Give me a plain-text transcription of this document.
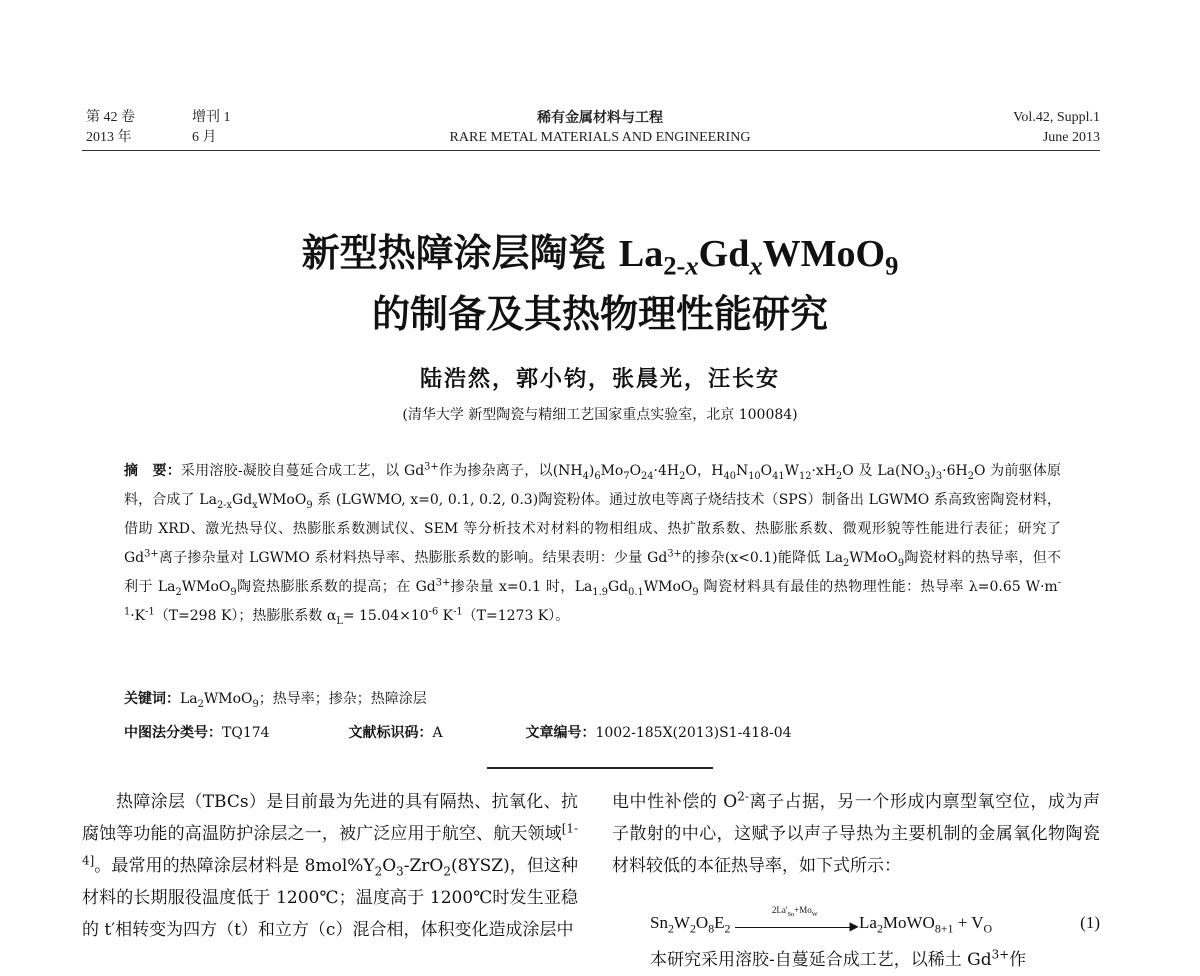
第 42 卷	增刊 1
2013 年	6 月
稀有金属材料与工程
RARE METAL MATERIALS AND ENGINEERING
Vol.42, Suppl.1
June 2013
新型热障涂层陶瓷 $La_{2-x}Gd_xWMoO_9$
的制备及其热物理性能研究
陆浩然，郭小钧，张晨光，汪长安
(清华大学 新型陶瓷与精细工艺国家重点实验室，北京 100084)
摘　要：采用溶胶-凝胶自蔓延合成工艺，以 $Gd^{3+}$作为掺杂离子，以$(NH_4)_6Mo_7O_{24}\cdot 4H_2O$，$H_{40}N_{10}O_{41}W_{12}\cdot xH_2O$ 及 $La(NO_3)_3\cdot 6H_2O$ 为前驱体原料，合成了 $La_{2-x}Gd_xWMoO_9$ 系 (LGWMO, x=0, 0.1, 0.2, 0.3)陶瓷粉体。通过放电等离子烧结技术（SPS）制备出 LGWMO 系高致密陶瓷材料，借助 XRD、激光热导仪、热膨胀系数测试仪、SEM 等分析技术对材料的物相组成、热扩散系数、热膨胀系数、微观形貌等性能进行表征；研究了 $Gd^{3+}$离子掺杂量对 LGWMO 系材料热导率、热膨胀系数的影响。结果表明：少量 $Gd^{3+}$的掺杂(x<0.1)能降低 $La_2WMoO_9$陶瓷材料的热导率，但不利于 $La_2WMoO_9$陶瓷热膨胀系数的提高；在 $Gd^{3+}$掺杂量 x=0.1 时，$La_{1.9}Gd_{0.1}WMoO_9$ 陶瓷材料具有最佳的热物理性能：热导率 λ=0.65 $W\cdot m^{-1}\cdot K^{-1}(T=298$ K）；热膨胀系数 $\alpha_L= 15.04\times 10^{-6}$ $K^{-1}(T=1273$ K）。
关键词：$La_2WMoO_9$；热导率；掺杂；热障涂层
中图法分类号：TQ174	文献标识码：A	文章编号：1002-185X(2013)S1-418-04
热障涂层（TBCs）是目前最为先进的具有隔热、抗氧化、抗腐蚀等功能的高温防护涂层之一，被广泛应用于航空、航天领域[1-4]。最常用的热障涂层材料是 $8mol\%Y_2O_3-ZrO_2(8YSZ)$，但这种材料的长期服役温度低于 1200℃；温度高于 1200℃时发生亚稳的 t′相转变为四方（t）和立方（c）混合相，体积变化造成涂层中
电中性补偿的 $O^{2-}$离子占据，另一个形成内禀型氧空位，成为声子散射的中心，这赋予以声子导热为主要机制的金属氧化物陶瓷材料较低的本征热导率，如下式所示：
$Sn_2W_2O_8E_2$
$2La'_{Sn}+Mo_W$
▶ $La_2MoWO_{8+1} + V_O$	(1)
本研究采用溶胶-自蔓延合成工艺，以稀土 $Gd^{3+}$作
